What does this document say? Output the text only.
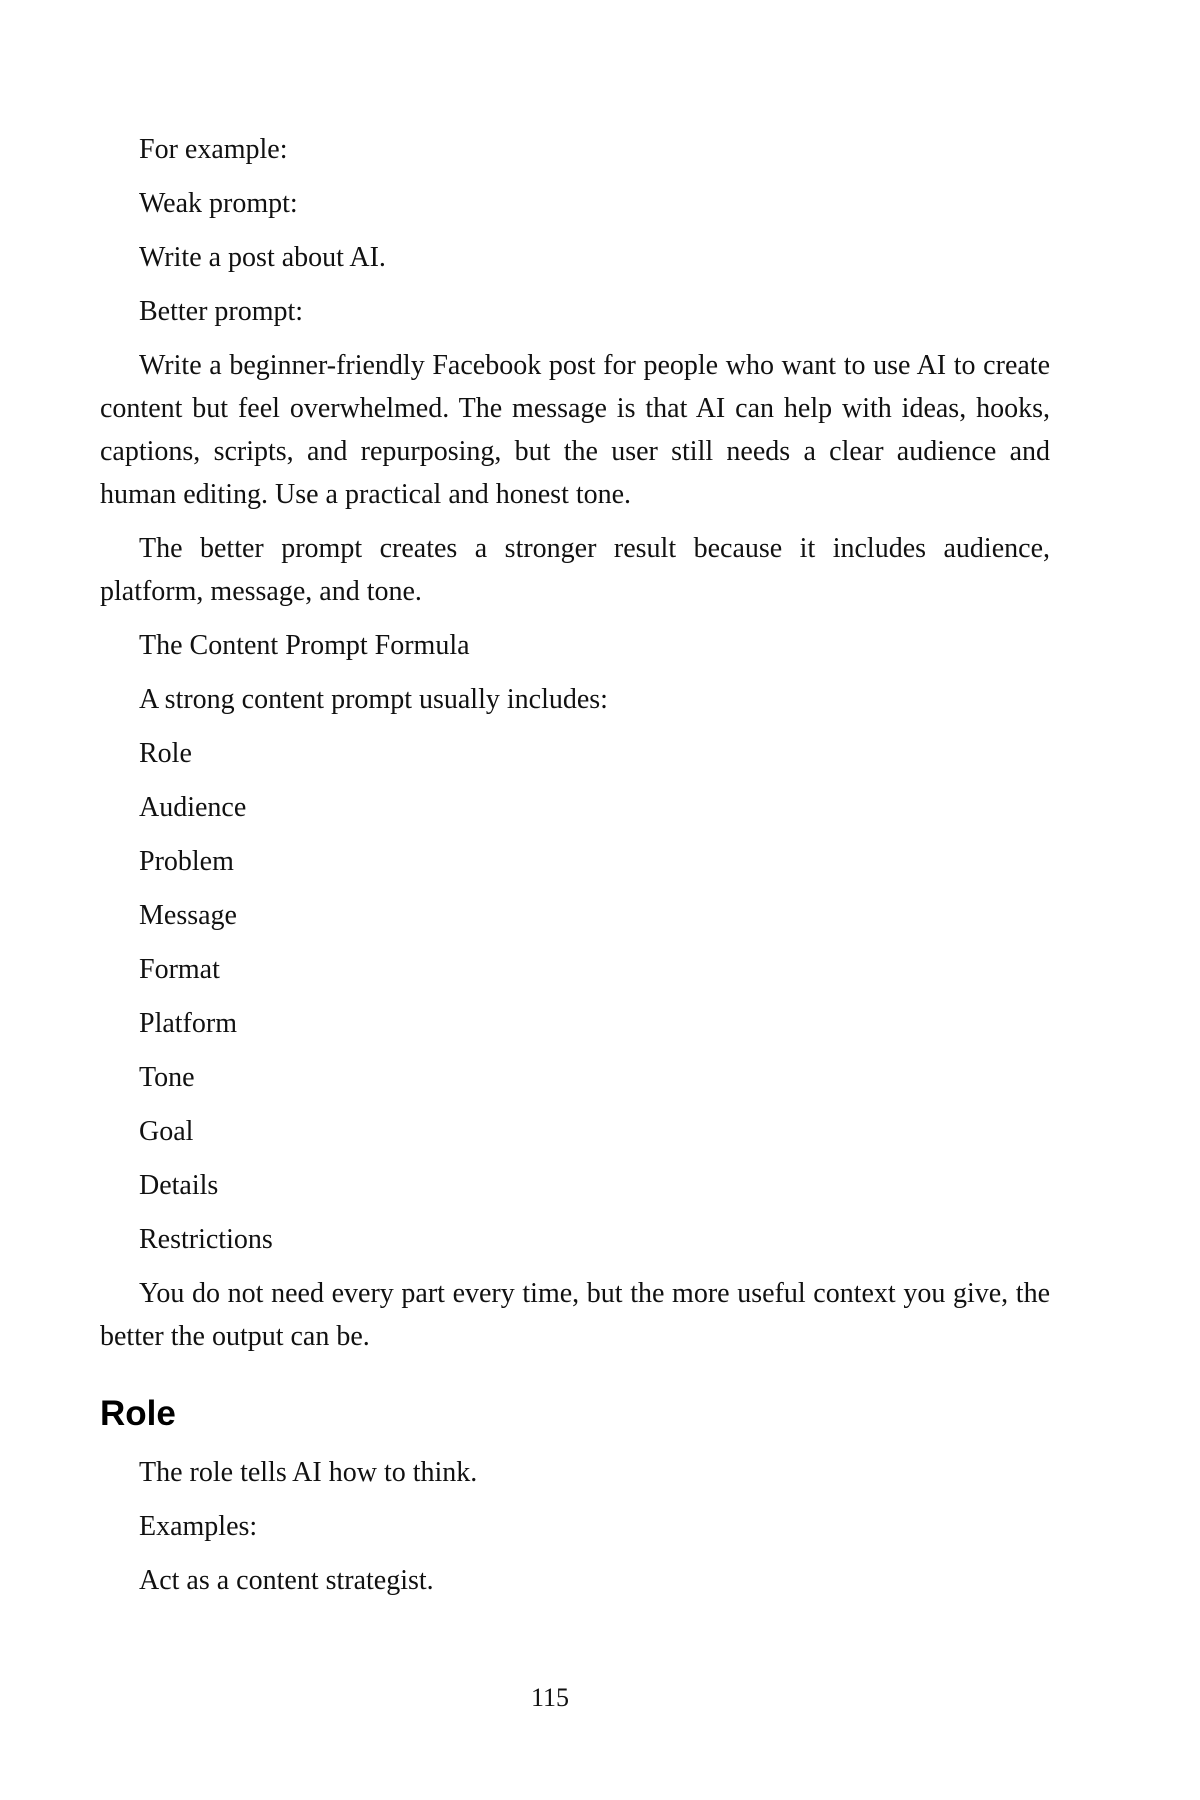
For example:

Weak prompt:

Write a post about AI.

Better prompt:

Write a beginner-friendly Facebook post for people who want to use AI to create content but feel overwhelmed. The message is that AI can help with ideas, hooks, captions, scripts, and repurposing, but the user still needs a clear audience and human editing. Use a practical and honest tone.

The better prompt creates a stronger result because it includes audience, platform, message, and tone.

The Content Prompt Formula

A strong content prompt usually includes:

Role

Audience

Problem

Message

Format

Platform

Tone

Goal

Details

Restrictions

You do not need every part every time, but the more useful context you give, the better the output can be.

Role

The role tells AI how to think.

Examples:

Act as a content strategist.

115
